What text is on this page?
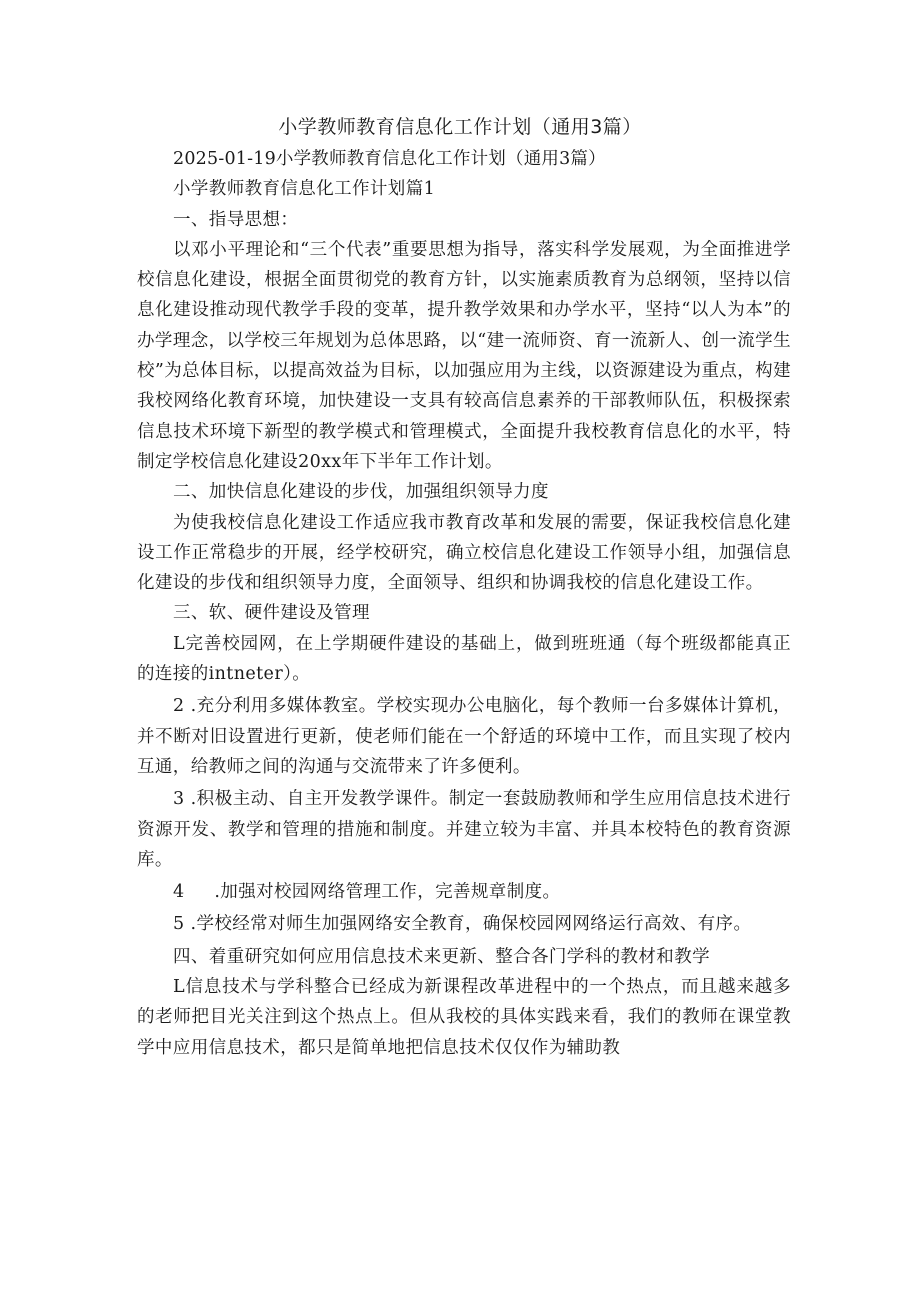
小学教师教育信息化工作计划（通用3篇）

2025-01-19小学教师教育信息化工作计划（通用3篇）

小学教师教育信息化工作计划篇1

一、指导思想：

以邓小平理论和“三个代表”重要思想为指导，落实科学发展观，为全面推进学校信息化建设，根据全面贯彻党的教育方针，以实施素质教育为总纲领，坚持以信息化建设推动现代教学手段的变革，提升教学效果和办学水平，坚持“以人为本”的办学理念，以学校三年规划为总体思路，以“建一流师资、育一流新人、创一流学生校”为总体目标，以提高效益为目标，以加强应用为主线，以资源建设为重点，构建我校网络化教育环境，加快建设一支具有较高信息素养的干部教师队伍，积极探索信息技术环境下新型的教学模式和管理模式，全面提升我校教育信息化的水平，特制定学校信息化建设20xx年下半年工作计划。

二、加快信息化建设的步伐，加强组织领导力度

为使我校信息化建设工作适应我市教育改革和发展的需要，保证我校信息化建设工作正常稳步的开展，经学校研究，确立校信息化建设工作领导小组，加强信息化建设的步伐和组织领导力度，全面领导、组织和协调我校的信息化建设工作。

三、软、硬件建设及管理

L完善校园网，在上学期硬件建设的基础上，做到班班通（每个班级都能真正的连接的intneter）。

2 .充分利用多媒体教室。学校实现办公电脑化，每个教师一台多媒体计算机，并不断对旧设置进行更新，使老师们能在一个舒适的环境中工作，而且实现了校内互通，给教师之间的沟通与交流带来了许多便利。

3 .积极主动、自主开发教学课件。制定一套鼓励教师和学生应用信息技术进行资源开发、教学和管理的措施和制度。并建立较为丰富、并具本校特色的教育资源库。

4     .加强对校园网络管理工作，完善规章制度。

5 .学校经常对师生加强网络安全教育，确保校园网网络运行高效、有序。

四、着重研究如何应用信息技术来更新、整合各门学科的教材和教学

L信息技术与学科整合已经成为新课程改革进程中的一个热点，而且越来越多的老师把目光关注到这个热点上。但从我校的具体实践来看，我们的教师在课堂教学中应用信息技术，都只是简单地把信息技术仅仅作为辅助教
